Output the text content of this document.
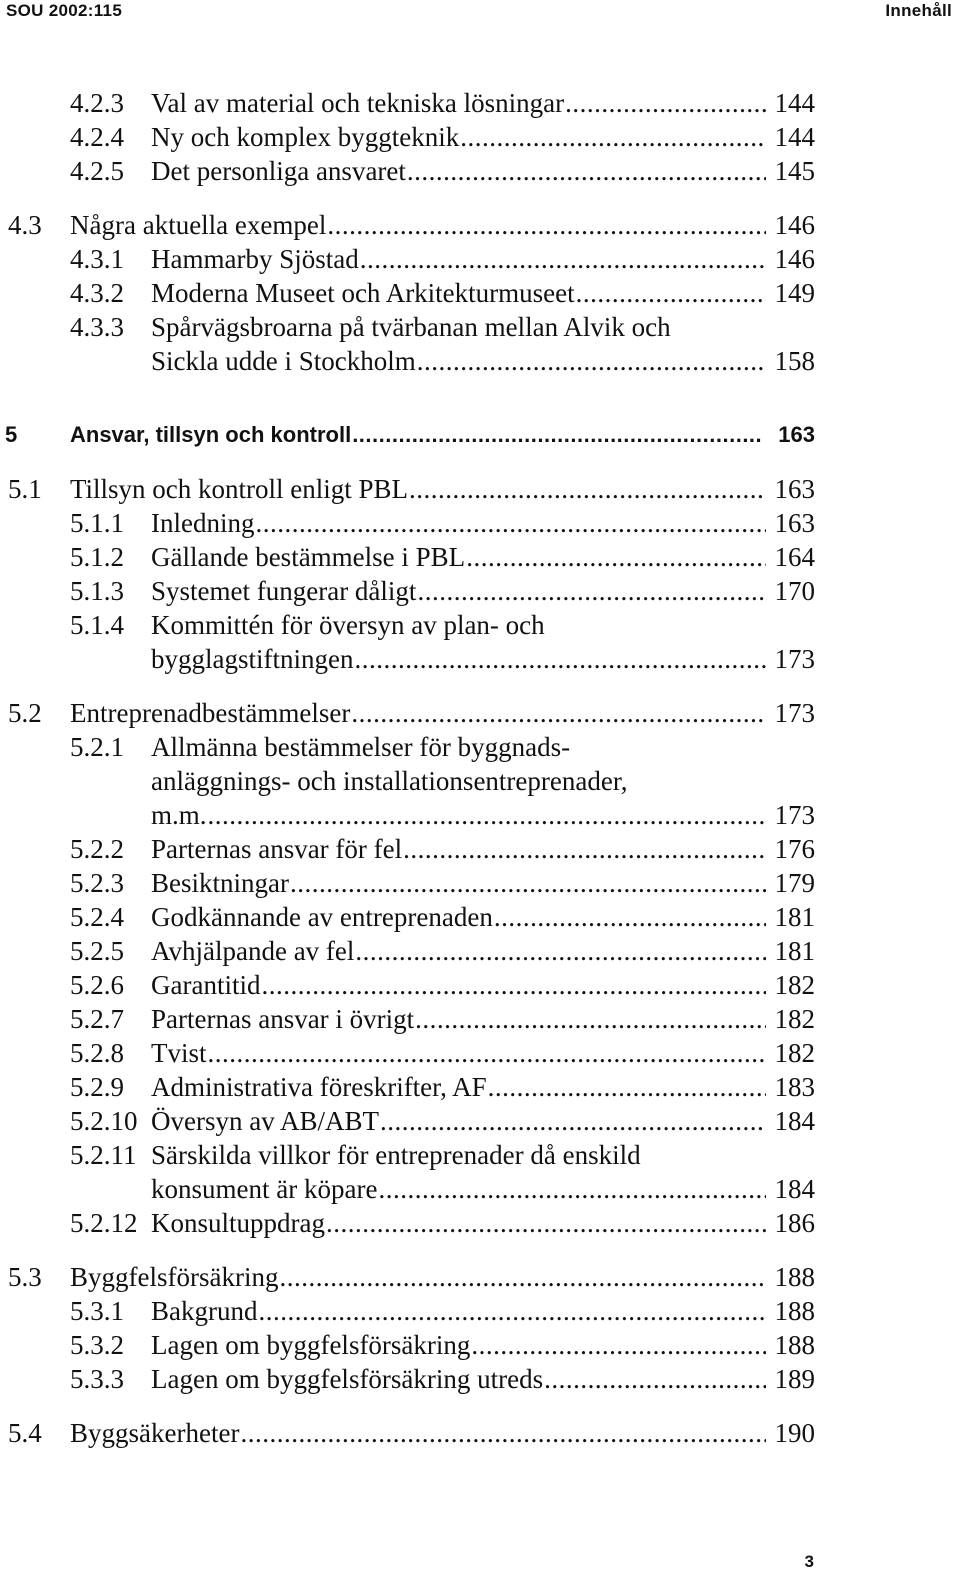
SOU 2002:115	Innehåll
4.2.3	Val av material och tekniska lösningar .....	144
4.2.4	Ny och komplex byggteknik .....	144
4.2.5	Det personliga ansvaret .....	145
4.3	Några aktuella exempel .....	146
4.3.1	Hammarby Sjöstad .....	146
4.3.2	Moderna Museet och Arkitekturmuseet .....	149
4.3.3 Spårvägsbroarna på tvärbanan mellan Alvik och
Sickla udde i Stockholm .....	158
5	Ansvar, tillsyn och kontroll .....	163
5.1	Tillsyn och kontroll enligt PBL .....	163
5.1.1	Inledning .....	163
5.1.2	Gällande bestämmelse i PBL .....	164
5.1.3	Systemet fungerar dåligt .....	170
5.1.4 Kommittén för översyn av plan- och
bygglagstiftningen .....	173
5.2	Entreprenadbestämmelser .....	173
5.2.1 Allmänna bestämmelser för byggnads-
anläggnings- och installationsentreprenader,
m.m. .....	173
5.2.2	Parternas ansvar för fel .....	176
5.2.3	Besiktningar .....	179
5.2.4	Godkännande av entreprenaden .....	181
5.2.5	Avhjälpande av fel .....	181
5.2.6	Garantitid .....	182
5.2.7	Parternas ansvar i övrigt .....	182
5.2.8	Tvist .....	182
5.2.9	Administrativa föreskrifter, AF .....	183
5.2.10 Översyn av AB/ABT .....	184
5.2.11 Särskilda villkor för entreprenader då enskild
konsument är köpare .....	184
5.2.12 Konsultuppdrag .....	186
5.3	Byggfelsförsäkring .....	188
5.3.1	Bakgrund .....	188
5.3.2	Lagen om byggfelsförsäkring .....	188
5.3.3	Lagen om byggfelsförsäkring utreds .....	189
5.4	Byggsäkerheter .....	190
3
